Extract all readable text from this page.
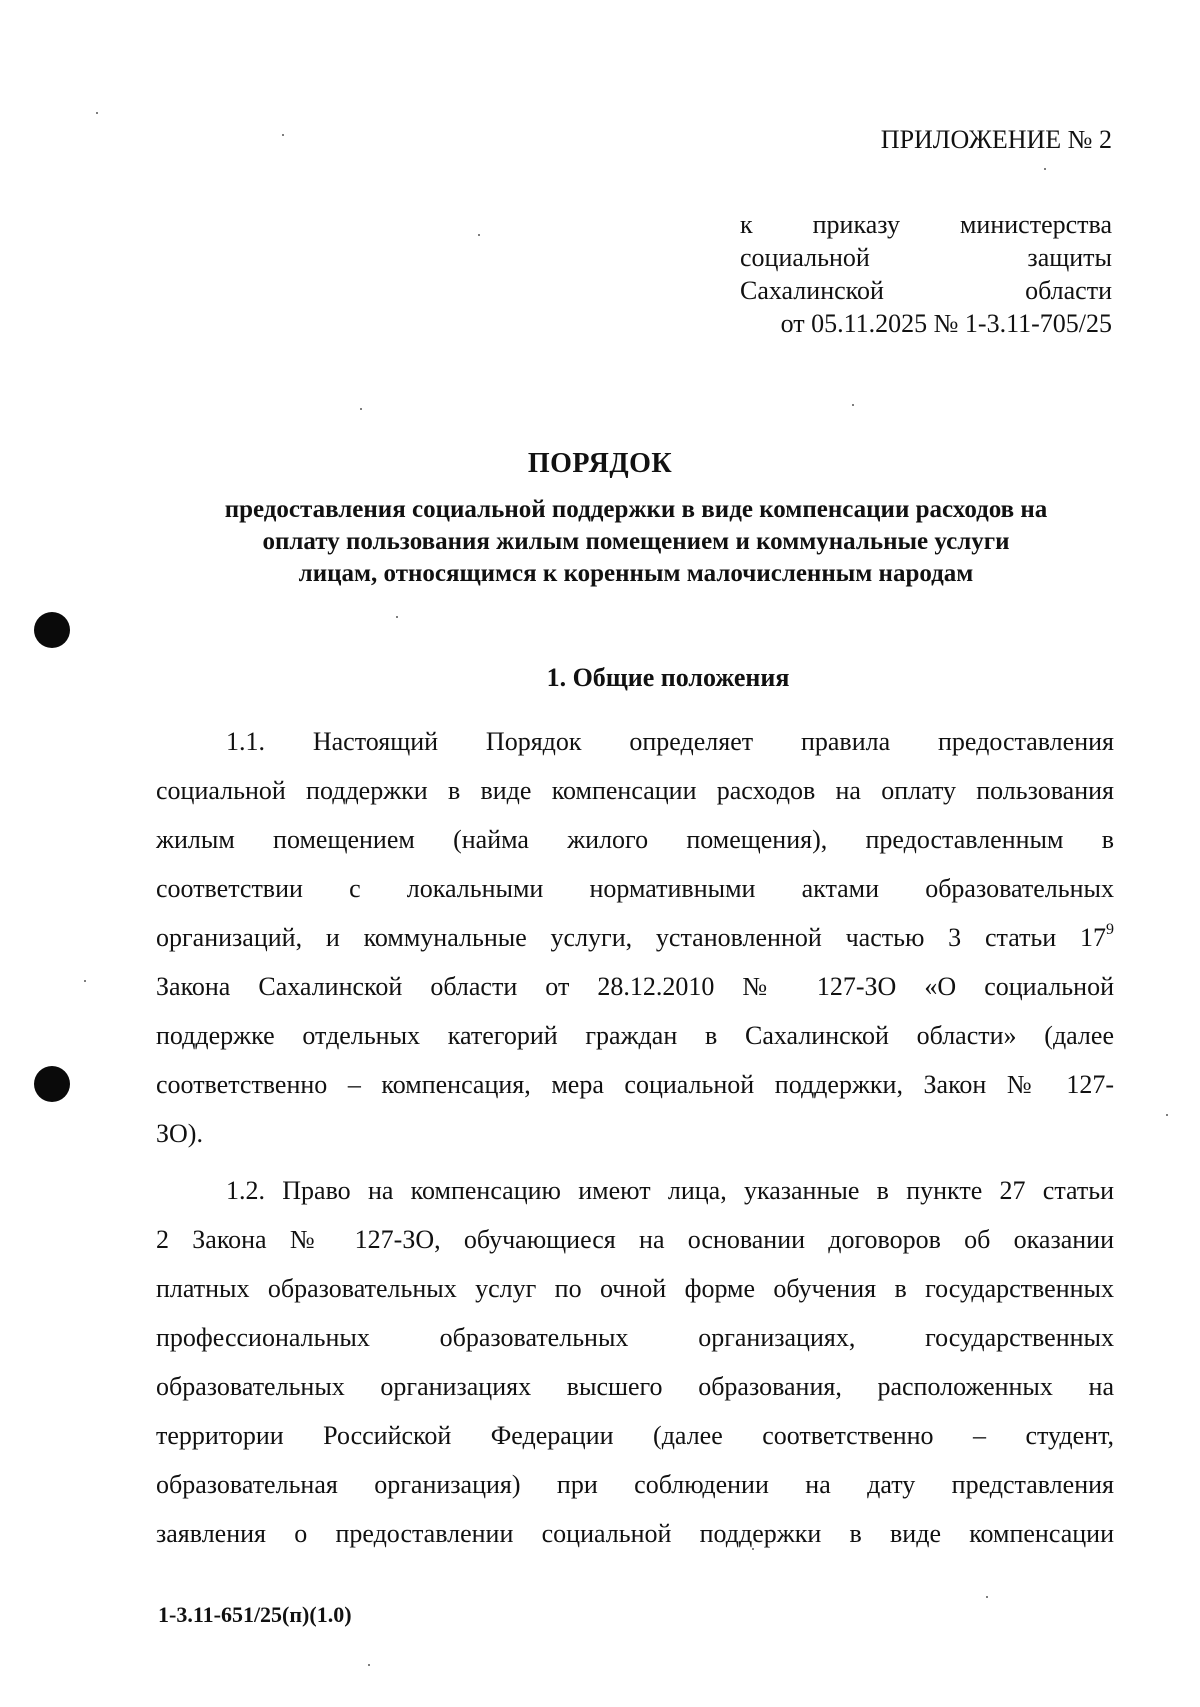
ПРИЛОЖЕНИЕ № 2
к приказу министерства
социальной защиты
Сахалинской области
от 05.11.2025 № 1-3.11-705/25
ПОРЯДОК
предоставления социальной поддержки в виде компенсации расходов на
оплату пользования жилым помещением и коммунальные услуги
лицам, относящимся к коренным малочисленным народам
1. Общие положения
1.1. Настоящий Порядок определяет правила предоставления
социальной поддержки в виде компенсации расходов на оплату пользования
жилым помещением (найма жилого помещения), предоставленным в
соответствии с локальными нормативными актами образовательных
организаций, и коммунальные услуги, установленной частью 3 статьи $17^9$
Закона Сахалинской области от 28.12.2010 № 127-ЗО «О социальной
поддержке отдельных категорий граждан в Сахалинской области» (далее
соответственно – компенсация, мера социальной поддержки, Закон № 127-
ЗО).
1.2. Право на компенсацию имеют лица, указанные в пункте 27 статьи
2 Закона № 127-ЗО, обучающиеся на основании договоров об оказании
платных образовательных услуг по очной форме обучения в государственных
профессиональных образовательных организациях, государственных
образовательных организациях высшего образования, расположенных на
территории Российской Федерации (далее соответственно – студент,
образовательная организация) при соблюдении на дату представления
заявления о предоставлении социальной поддержки в виде компенсации
1-3.11-651/25(п)(1.0)
